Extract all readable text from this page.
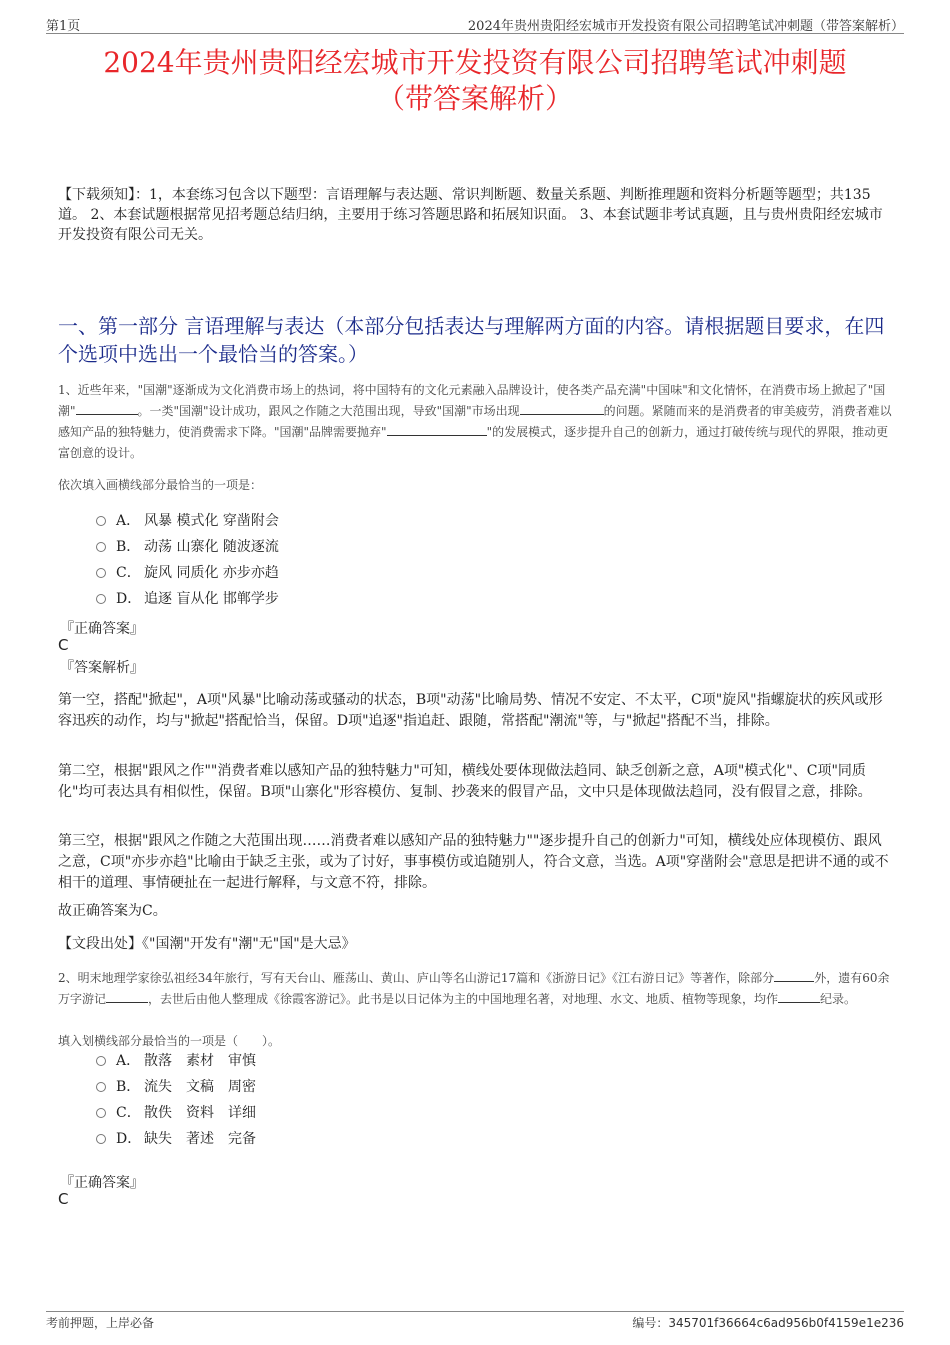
第1页	2024年贵州贵阳经宏城市开发投资有限公司招聘笔试冲刺题（带答案解析）
2024年贵州贵阳经宏城市开发投资有限公司招聘笔试冲刺题
（带答案解析）
【下载须知】：1，本套练习包含以下题型：言语理解与表达题、常识判断题、数量关系题、判断推理题和资料分析题等题型；共135道。 2、本套试题根据常见招考题总结归纳，主要用于练习答题思路和拓展知识面。 3、本套试题非考试真题，且与贵州贵阳经宏城市开发投资有限公司无关。
一、第一部分 言语理解与表达（本部分包括表达与理解两方面的内容。请根据题目要求，在四个选项中选出一个最恰当的答案。）
1、近些年来，"国潮"逐渐成为文化消费市场上的热词，将中国特有的文化元素融入品牌设计，使各类产品充满"中国味"和文化情怀，在消费市场上掀起了"国潮"	。一类"国潮"设计成功，跟风之作随之大范围出现，导致"国潮"市场出现	的问题。紧随而来的是消费者的审美疲劳，消费者难以感知产品的独特魅力，使消费需求下降。"国潮"品牌需要抛弃"	"的发展模式，逐步提升自己的创新力，通过打破传统与现代的界限，推动更富创意的设计。
依次填入画横线部分最恰当的一项是：
A． 风暴 模式化 穿凿附会
B． 动荡 山寨化 随波逐流
C． 旋风 同质化 亦步亦趋
D． 追逐 盲从化 邯郸学步
『正确答案』
C
『答案解析』
第一空，搭配"掀起"，A项"风暴"比喻动荡或骚动的状态，B项"动荡"比喻局势、情况不安定、不太平，C项"旋风"指螺旋状的疾风或形容迅疾的动作，均与"掀起"搭配恰当，保留。D项"追逐"指追赶、跟随，常搭配"潮流"等，与"掀起"搭配不当，排除。
第二空，根据"跟风之作""消费者难以感知产品的独特魅力"可知，横线处要体现做法趋同、缺乏创新之意，A项"模式化"、C项"同质化"均可表达具有相似性，保留。B项"山寨化"形容模仿、复制、抄袭来的假冒产品，文中只是体现做法趋同，没有假冒之意，排除。
第三空，根据"跟风之作随之大范围出现……消费者难以感知产品的独特魅力""逐步提升自己的创新力"可知，横线处应体现模仿、跟风之意，C项"亦步亦趋"比喻由于缺乏主张，或为了讨好，事事模仿或追随别人，符合文意，当选。A项"穿凿附会"意思是把讲不通的或不相干的道理、事情硬扯在一起进行解释，与文意不符，排除。
故正确答案为C。
【文段出处】《"国潮"开发有"潮"无"国"是大忌》
2、明末地理学家徐弘祖经34年旅行，写有天台山、雁荡山、黄山、庐山等名山游记17篇和《浙游日记》《江右游日记》等著作，除部分	外，遗有60余万字游记	，去世后由他人整理成《徐霞客游记》。此书是以日记体为主的中国地理名著，对地理、水文、地质、植物等现象，均作	纪录。
填入划横线部分最恰当的一项是（　　）。
A． 散落　素材　审慎
B． 流失　文稿　周密
C． 散佚　资料　详细
D． 缺失　著述　完备
『正确答案』
C
考前押题，上岸必备	编号：345701f36664c6ad956b0f4159e1e236
